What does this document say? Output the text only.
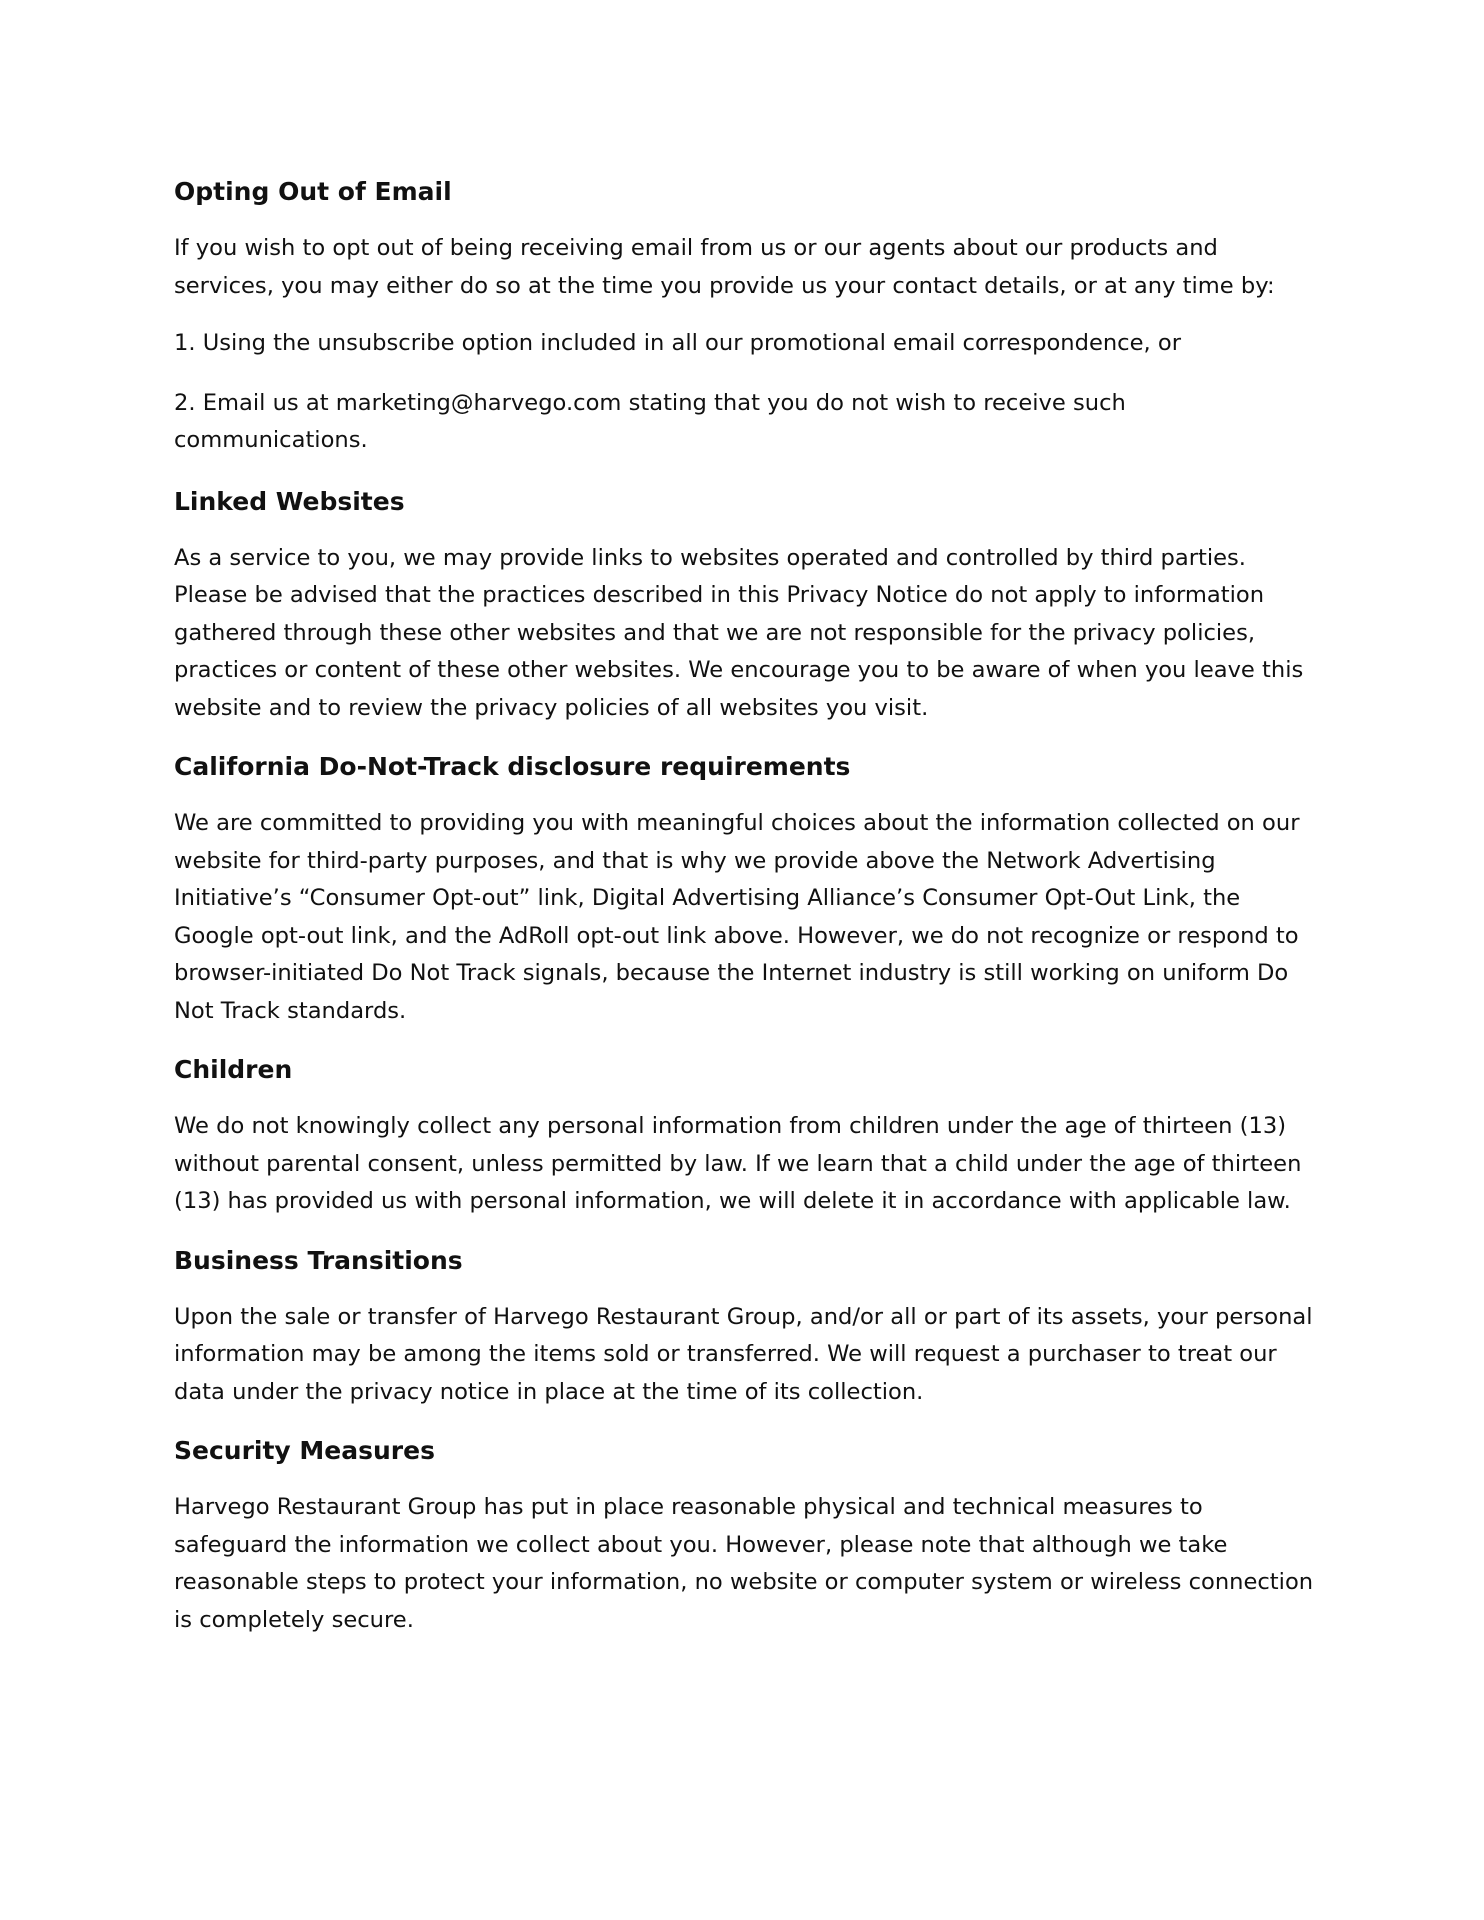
Opting Out of Email

If you wish to opt out of being receiving email from us or our agents about our products and services, you may either do so at the time you provide us your contact details, or at any time by:

1. Using the unsubscribe option included in all our promotional email correspondence, or

2. Email us at marketing@harvego.com stating that you do not wish to receive such communications.

Linked Websites

As a service to you, we may provide links to websites operated and controlled by third parties. Please be advised that the practices described in this Privacy Notice do not apply to information gathered through these other websites and that we are not responsible for the privacy policies, practices or content of these other websites. We encourage you to be aware of when you leave this website and to review the privacy policies of all websites you visit.

California Do-Not-Track disclosure requirements

We are committed to providing you with meaningful choices about the information collected on our website for third-party purposes, and that is why we provide above the Network Advertising Initiative’s “Consumer Opt-out” link, Digital Advertising Alliance’s Consumer Opt-Out Link, the Google opt-out link, and the AdRoll opt-out link above. However, we do not recognize or respond to browser-initiated Do Not Track signals, because the Internet industry is still working on uniform Do Not Track standards.

Children

We do not knowingly collect any personal information from children under the age of thirteen (13) without parental consent, unless permitted by law. If we learn that a child under the age of thirteen (13) has provided us with personal information, we will delete it in accordance with applicable law.

Business Transitions

Upon the sale or transfer of Harvego Restaurant Group, and/or all or part of its assets, your personal information may be among the items sold or transferred. We will request a purchaser to treat our data under the privacy notice in place at the time of its collection.

Security Measures

Harvego Restaurant Group has put in place reasonable physical and technical measures to safeguard the information we collect about you. However, please note that although we take reasonable steps to protect your information, no website or computer system or wireless connection is completely secure.
